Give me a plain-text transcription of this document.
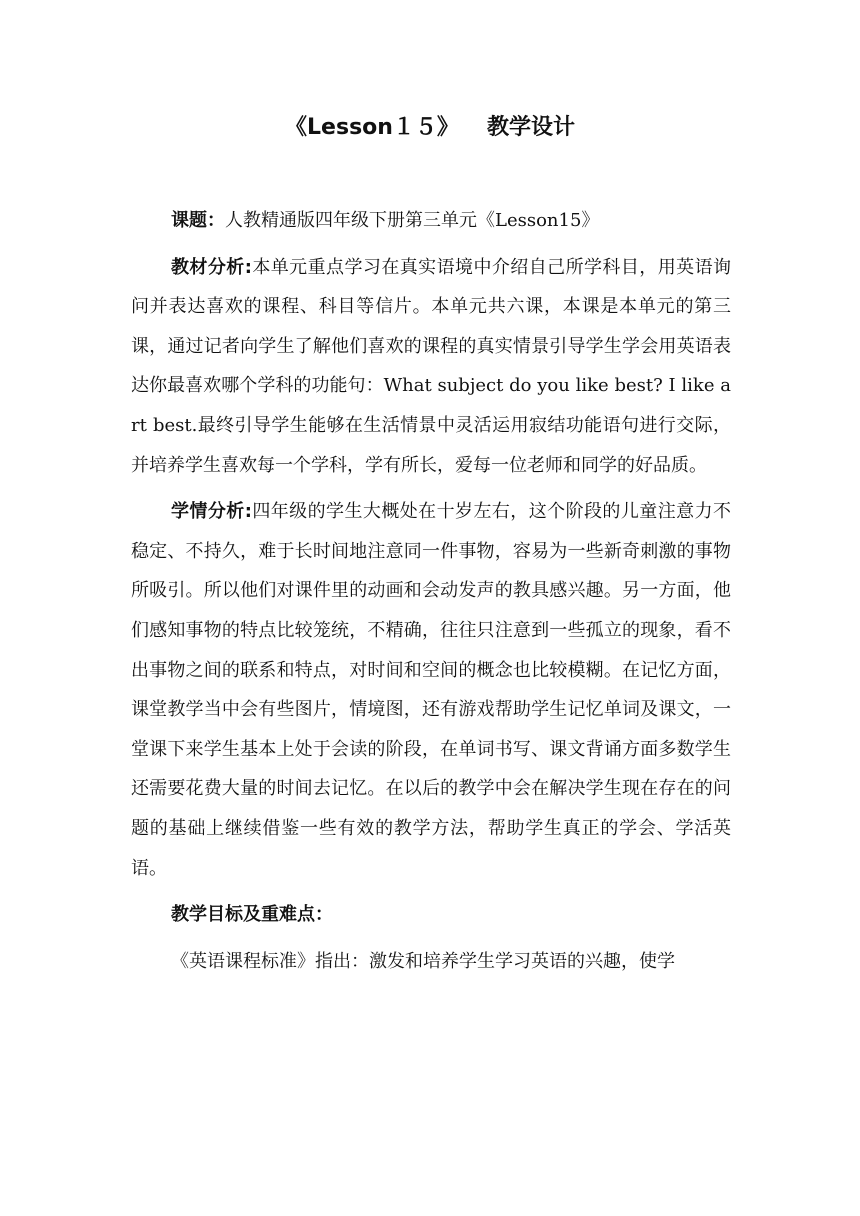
《Lesson１５》 教学设计

课题：人教精通版四年级下册第三单元《Lesson15》

教材分析:本单元重点学习在真实语境中介绍自己所学科目，用英语询问并表达喜欢的课程、科目等信片。本单元共六课，本课是本单元的第三课，通过记者向学生了解他们喜欢的课程的真实情景引导学生学会用英语表达你最喜欢哪个学科的功能句：What subject do you like best? I like art best.最终引导学生能够在生活情景中灵活运用寂结功能语句进行交际，并培养学生喜欢每一个学科，学有所长，爱每一位老师和同学的好品质。

学情分析:四年级的学生大概处在十岁左右，这个阶段的儿童注意力不稳定、不持久，难于长时间地注意同一件事物，容易为一些新奇刺激的事物所吸引。所以他们对课件里的动画和会动发声的教具感兴趣。另一方面，他们感知事物的特点比较笼统，不精确，往往只注意到一些孤立的现象，看不出事物之间的联系和特点，对时间和空间的概念也比较模糊。在记忆方面，课堂教学当中会有些图片，情境图，还有游戏帮助学生记忆单词及课文，一堂课下来学生基本上处于会读的阶段，在单词书写、课文背诵方面多数学生还需要花费大量的时间去记忆。在以后的教学中会在解决学生现在存在的问题的基础上继续借鉴一些有效的教学方法，帮助学生真正的学会、学活英语。

教学目标及重难点：

《英语课程标准》指出：激发和培养学生学习英语的兴趣，使学
